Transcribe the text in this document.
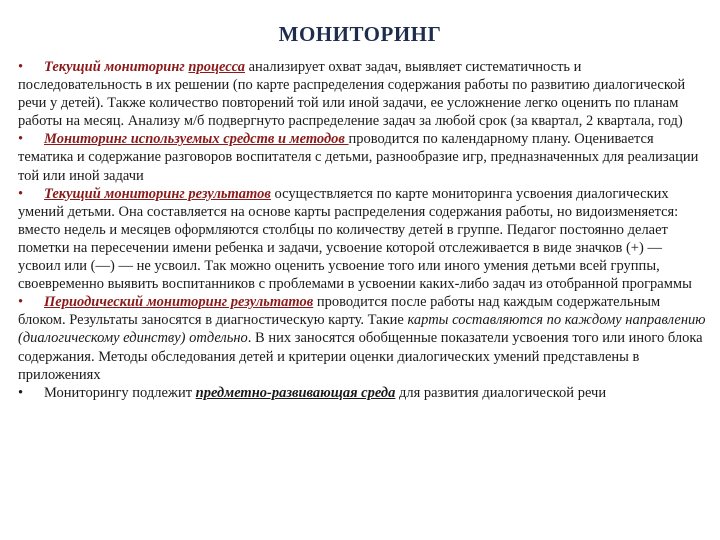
МОНИТОРИНГ

• Текущий мониторинг процесса анализирует охват задач, выявляет систематичность и последовательность в их решении (по карте распределения содержания работы по развитию диалогической речи у детей). Также количество повторений той или иной задачи, ее усложнение легко оценить по планам работы на месяц. Анализу м/б подвергнуто распределение задач за любой срок (за квартал, 2 квартала, год)

• Мониторинг используемых средств и методов проводится по календарному плану. Оценивается тематика и содержание разговоров воспитателя с детьми, разнообразие игр, предназначенных для реализации той или иной задачи

• Текущий мониторинг результатов осуществляется по карте мониторинга усвоения диалогических умений детьми. Она составляется на основе карты распределения содержания работы, но видоизменяется: вместо недель и месяцев оформляются столбцы по количеству детей в группе. Педагог постоянно делает пометки на пересечении имени ребенка и задачи, усвоение которой отслеживается в виде значков (+) — усвоил или (—) — не усвоил. Так можно оценить усвоение того или иного умения детьми всей группы, своевременно выявить воспитанников с проблемами в усвоении каких-либо задач из отобранной программы

• Периодический мониторинг результатов проводится после работы над каждым содержательным блоком. Результаты заносятся в диагностическую карту. Такие карты составляются по каждому направлению (диалогическому единству) отдельно. В них заносятся обобщенные показатели усвоения того или иного блока содержания. Методы обследования детей и критерии оценки диалогических умений представлены в приложениях

• Мониторингу подлежит предметно-развивающая среда для развития диалогической речи
